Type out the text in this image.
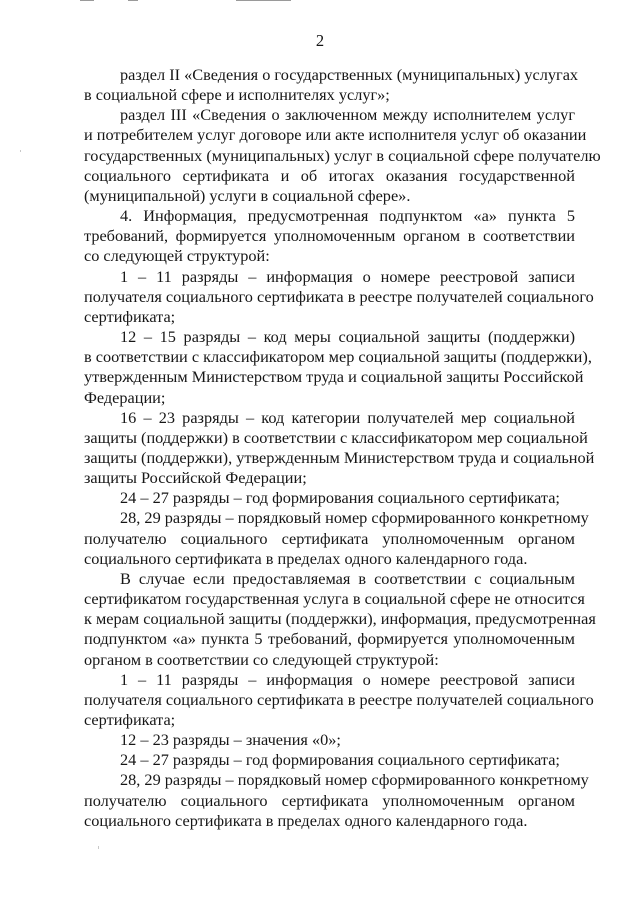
2
раздел II «Сведения о государственных (муниципальных) услугах
в социальной сфере и исполнителях услуг»;
раздел III «Сведения о заключенном между исполнителем услуг
и потребителем услуг договоре или акте исполнителя услуг об оказании
государственных (муниципальных) услуг в социальной сфере получателю
социального сертификата и об итогах оказания государственной
(муниципальной) услуги в социальной сфере».
4. Информация, предусмотренная подпунктом «а» пункта 5
требований, формируется уполномоченным органом в соответствии
со следующей структурой:
1 – 11 разряды – информация о номере реестровой записи
получателя социального сертификата в реестре получателей социального
сертификата;
12 – 15 разряды – код меры социальной защиты (поддержки)
в соответствии с классификатором мер социальной защиты (поддержки),
утвержденным Министерством труда и социальной защиты Российской
Федерации;
16 – 23 разряды – код категории получателей мер социальной
защиты (поддержки) в соответствии с классификатором мер социальной
защиты (поддержки), утвержденным Министерством труда и социальной
защиты Российской Федерации;
24 – 27 разряды – год формирования социального сертификата;
28, 29 разряды – порядковый номер сформированного конкретному
получателю социального сертификата уполномоченным органом
социального сертификата в пределах одного календарного года.
В случае если предоставляемая в соответствии с социальным
сертификатом государственная услуга в социальной сфере не относится
к мерам социальной защиты (поддержки), информация, предусмотренная
подпунктом «а» пункта 5 требований, формируется уполномоченным
органом в соответствии со следующей структурой:
1 – 11 разряды – информация о номере реестровой записи
получателя социального сертификата в реестре получателей социального
сертификата;
12 – 23 разряды – значения «0»;
24 – 27 разряды – год формирования социального сертификата;
28, 29 разряды – порядковый номер сформированного конкретному
получателю социального сертификата уполномоченным органом
социального сертификата в пределах одного календарного года.
